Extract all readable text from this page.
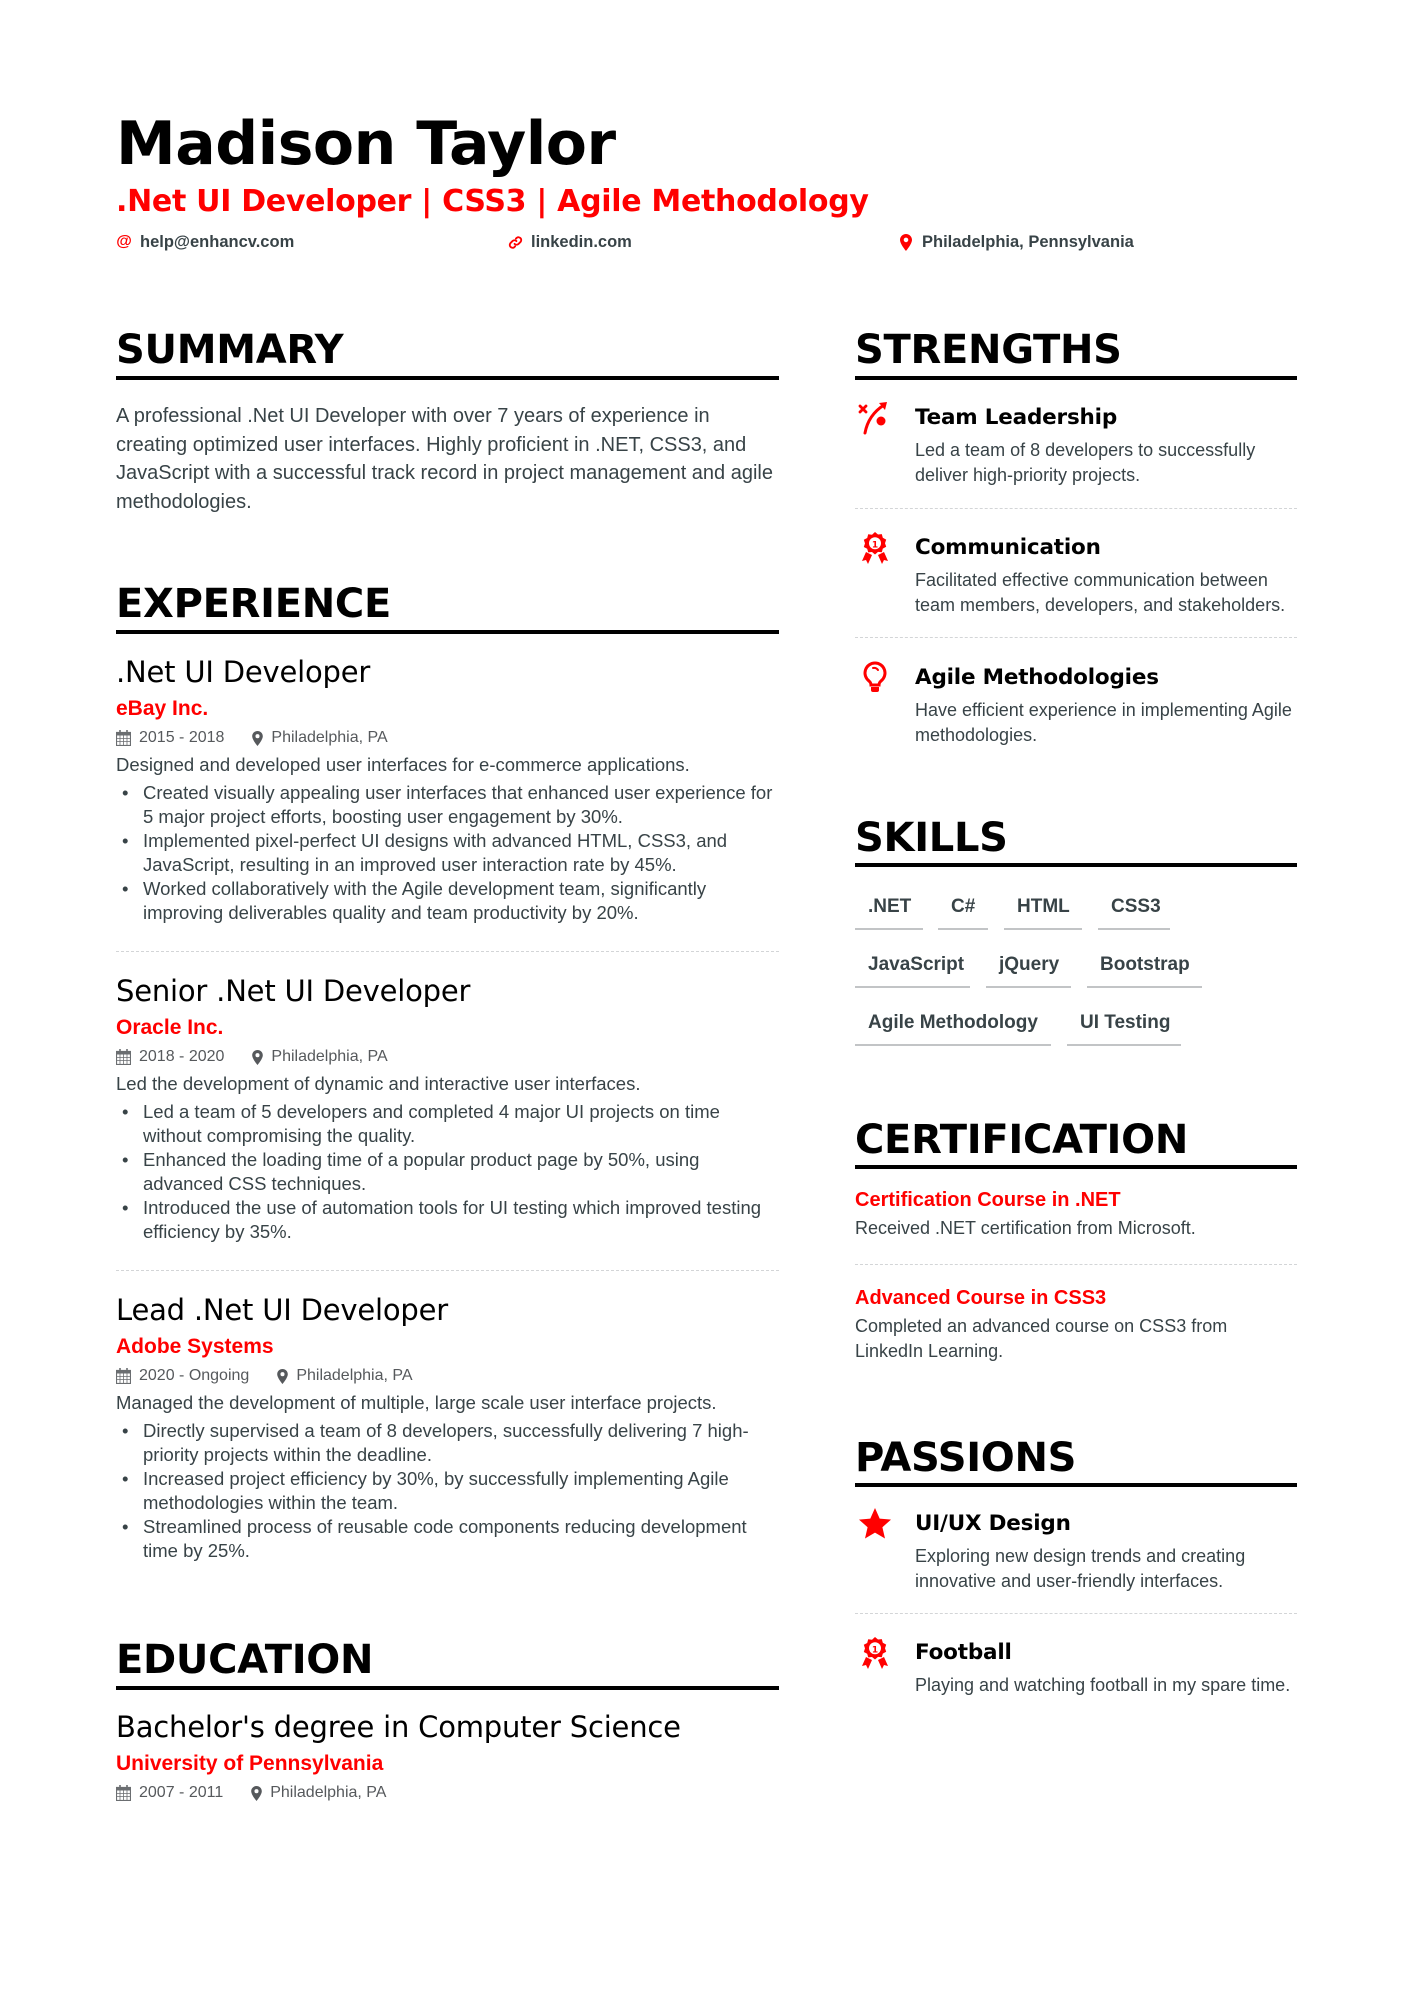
Madison Taylor
.Net UI Developer | CSS3 | Agile Methodology
@ help@enhancv.com	linkedin.com	Philadelphia, Pennsylvania
SUMMARY
A professional .Net UI Developer with over 7 years of experience in creating optimized user interfaces. Highly proficient in .NET, CSS3, and JavaScript with a successful track record in project management and agile methodologies.
EXPERIENCE
.Net UI Developer
eBay Inc.
2015 - 2018	Philadelphia, PA
Designed and developed user interfaces for e-commerce applications.
• Created visually appealing user interfaces that enhanced user experience for 5 major project efforts, boosting user engagement by 30%.
• Implemented pixel-perfect UI designs with advanced HTML, CSS3, and JavaScript, resulting in an improved user interaction rate by 45%.
• Worked collaboratively with the Agile development team, significantly improving deliverables quality and team productivity by 20%.
Senior .Net UI Developer
Oracle Inc.
2018 - 2020	Philadelphia, PA
Led the development of dynamic and interactive user interfaces.
• Led a team of 5 developers and completed 4 major UI projects on time without compromising the quality.
• Enhanced the loading time of a popular product page by 50%, using advanced CSS techniques.
• Introduced the use of automation tools for UI testing which improved testing efficiency by 35%.
Lead .Net UI Developer
Adobe Systems
2020 - Ongoing	Philadelphia, PA
Managed the development of multiple, large scale user interface projects.
• Directly supervised a team of 8 developers, successfully delivering 7 high-priority projects within the deadline.
• Increased project efficiency by 30%, by successfully implementing Agile methodologies within the team.
• Streamlined process of reusable code components reducing development time by 25%.
EDUCATION
Bachelor's degree in Computer Science
University of Pennsylvania
2007 - 2011	Philadelphia, PA
STRENGTHS
Team Leadership
Led a team of 8 developers to successfully deliver high-priority projects.
1 Communication
Facilitated effective communication between team members, developers, and stakeholders.
Agile Methodologies
Have efficient experience in implementing Agile methodologies.
SKILLS
.NET	C#	HTML	CSS3
JavaScript	jQuery	Bootstrap
Agile Methodology	UI Testing
CERTIFICATION
Certification Course in .NET
Received .NET certification from Microsoft.
Advanced Course in CSS3
Completed an advanced course on CSS3 from LinkedIn Learning.
PASSIONS
UI/UX Design
Exploring new design trends and creating innovative and user-friendly interfaces.
1 Football
Playing and watching football in my spare time.
